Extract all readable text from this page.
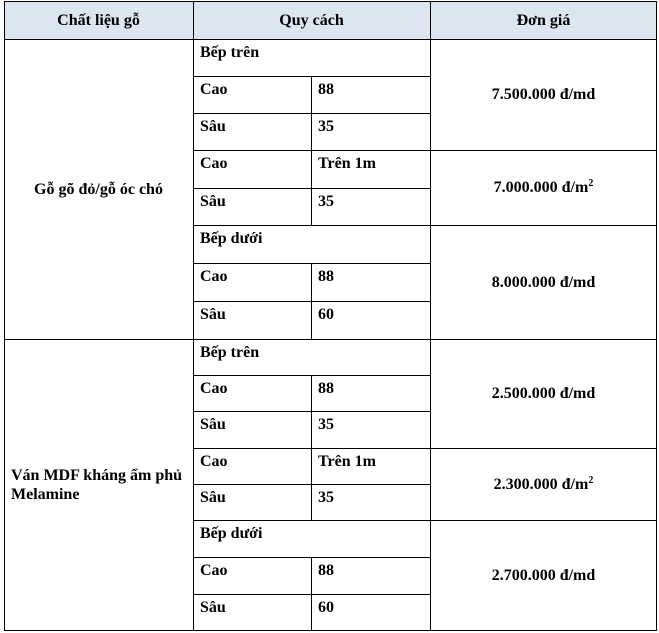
Chất liệu gỗ	Quy cách	Đơn giá
Gỗ gõ đỏ/gỗ óc chó
Bếp trên
Cao	88
Sâu	35
7.500.000 đ/md
Cao	Trên 1m
Sâu	35
7.000.000 $đ/m^2$
Bếp dưới
Cao	88
Sâu	60
8.000.000 đ/md
Ván MDF kháng ẩm phủ Melamine
Bếp trên
Cao	88
Sâu	35
2.500.000 đ/md
Cao	Trên 1m
Sâu	35
2.300.000 $đ/m^2$
Bếp dưới
Cao	88
Sâu	60
2.700.000 đ/md
